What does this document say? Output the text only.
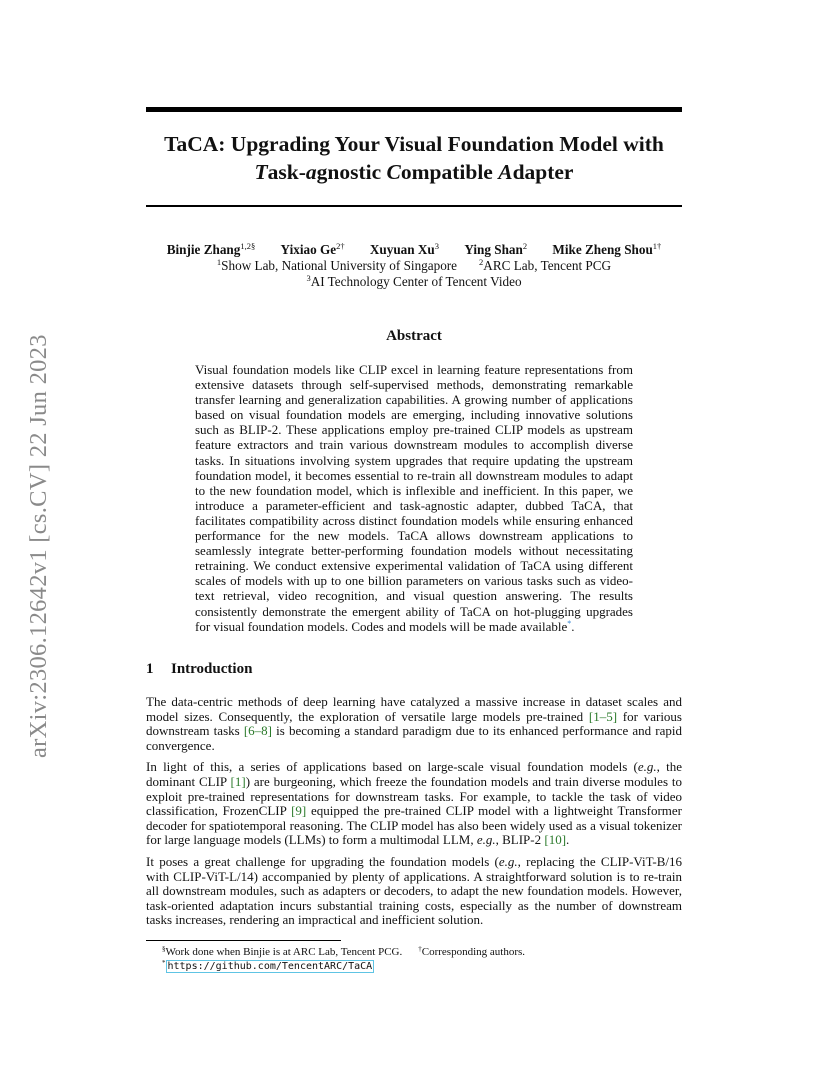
arXiv:2306.12642v1 [cs.CV] 22 Jun 2023
TaCA: Upgrading Your Visual Foundation Model with
Task-agnostic Compatible Adapter
Binjie Zhang$^{1,2\S}$ Yixiao $Ge^{2\dagger}$ Xuyuan Xu$^3$ Ying Shan$^2$ Mike Zheng Shou$^{1\dagger}$
$^1$Show Lab, National University of Singapore	$^2$ARC Lab, Tencent PCG
$^3$AI Technology Center of Tencent Video
Abstract
Visual foundation models like CLIP excel in learning feature representations from extensive datasets through self-supervised methods, demonstrating remarkable transfer learning and generalization capabilities. A growing number of applications based on visual foundation models are emerging, including innovative solutions such as BLIP-2. These applications employ pre-trained CLIP models as upstream feature extractors and train various downstream modules to accomplish diverse tasks. In situations involving system upgrades that require updating the upstream foundation model, it becomes essential to re-train all downstream modules to adapt to the new foundation model, which is inflexible and inefficient. In this paper, we introduce a parameter-efficient and task-agnostic adapter, dubbed TaCA, that facilitates compatibility across distinct foundation models while ensuring enhanced performance for the new models. TaCA allows downstream applications to seamlessly integrate better-performing foundation models without necessitating retraining. We conduct extensive experimental validation of TaCA using different scales of models with up to one billion parameters on various tasks such as video-text retrieval, video recognition, and visual question answering. The results consistently demonstrate the emergent ability of TaCA on hot-plugging upgrades for visual foundation models. Codes and models will be made available*.
1 Introduction

The data-centric methods of deep learning have catalyzed a massive increase in dataset scales and model sizes. Consequently, the exploration of versatile large models pre-trained [1–5] for various downstream tasks [6–8] is becoming a standard paradigm due to its enhanced performance and rapid convergence.

In light of this, a series of applications based on large-scale visual foundation models (e.g., the dominant CLIP [1]) are burgeoning, which freeze the foundation models and train diverse modules to exploit pre-trained representations for downstream tasks. For example, to tackle the task of video classification, FrozenCLIP [9] equipped the pre-trained CLIP model with a lightweight Transformer decoder for spatiotemporal reasoning. The CLIP model has also been widely used as a visual tokenizer for large language models (LLMs) to form a multimodal LLM, e.g., BLIP-2 [10].

It poses a great challenge for upgrading the foundation models (e.g., replacing the CLIP-ViT-B/16 with CLIP-ViT-L/14) accompanied by plenty of applications. A straightforward solution is to re-train all downstream modules, such as adapters or decoders, to adapt the new foundation models. However, task-oriented adaptation incurs substantial training costs, especially as the number of downstream tasks increases, rendering an impractical and inefficient solution.

§Work done when Binjie is at ARC Lab, Tencent PCG. †Corresponding authors.
* https://github.com/TencentARC/TaCA
